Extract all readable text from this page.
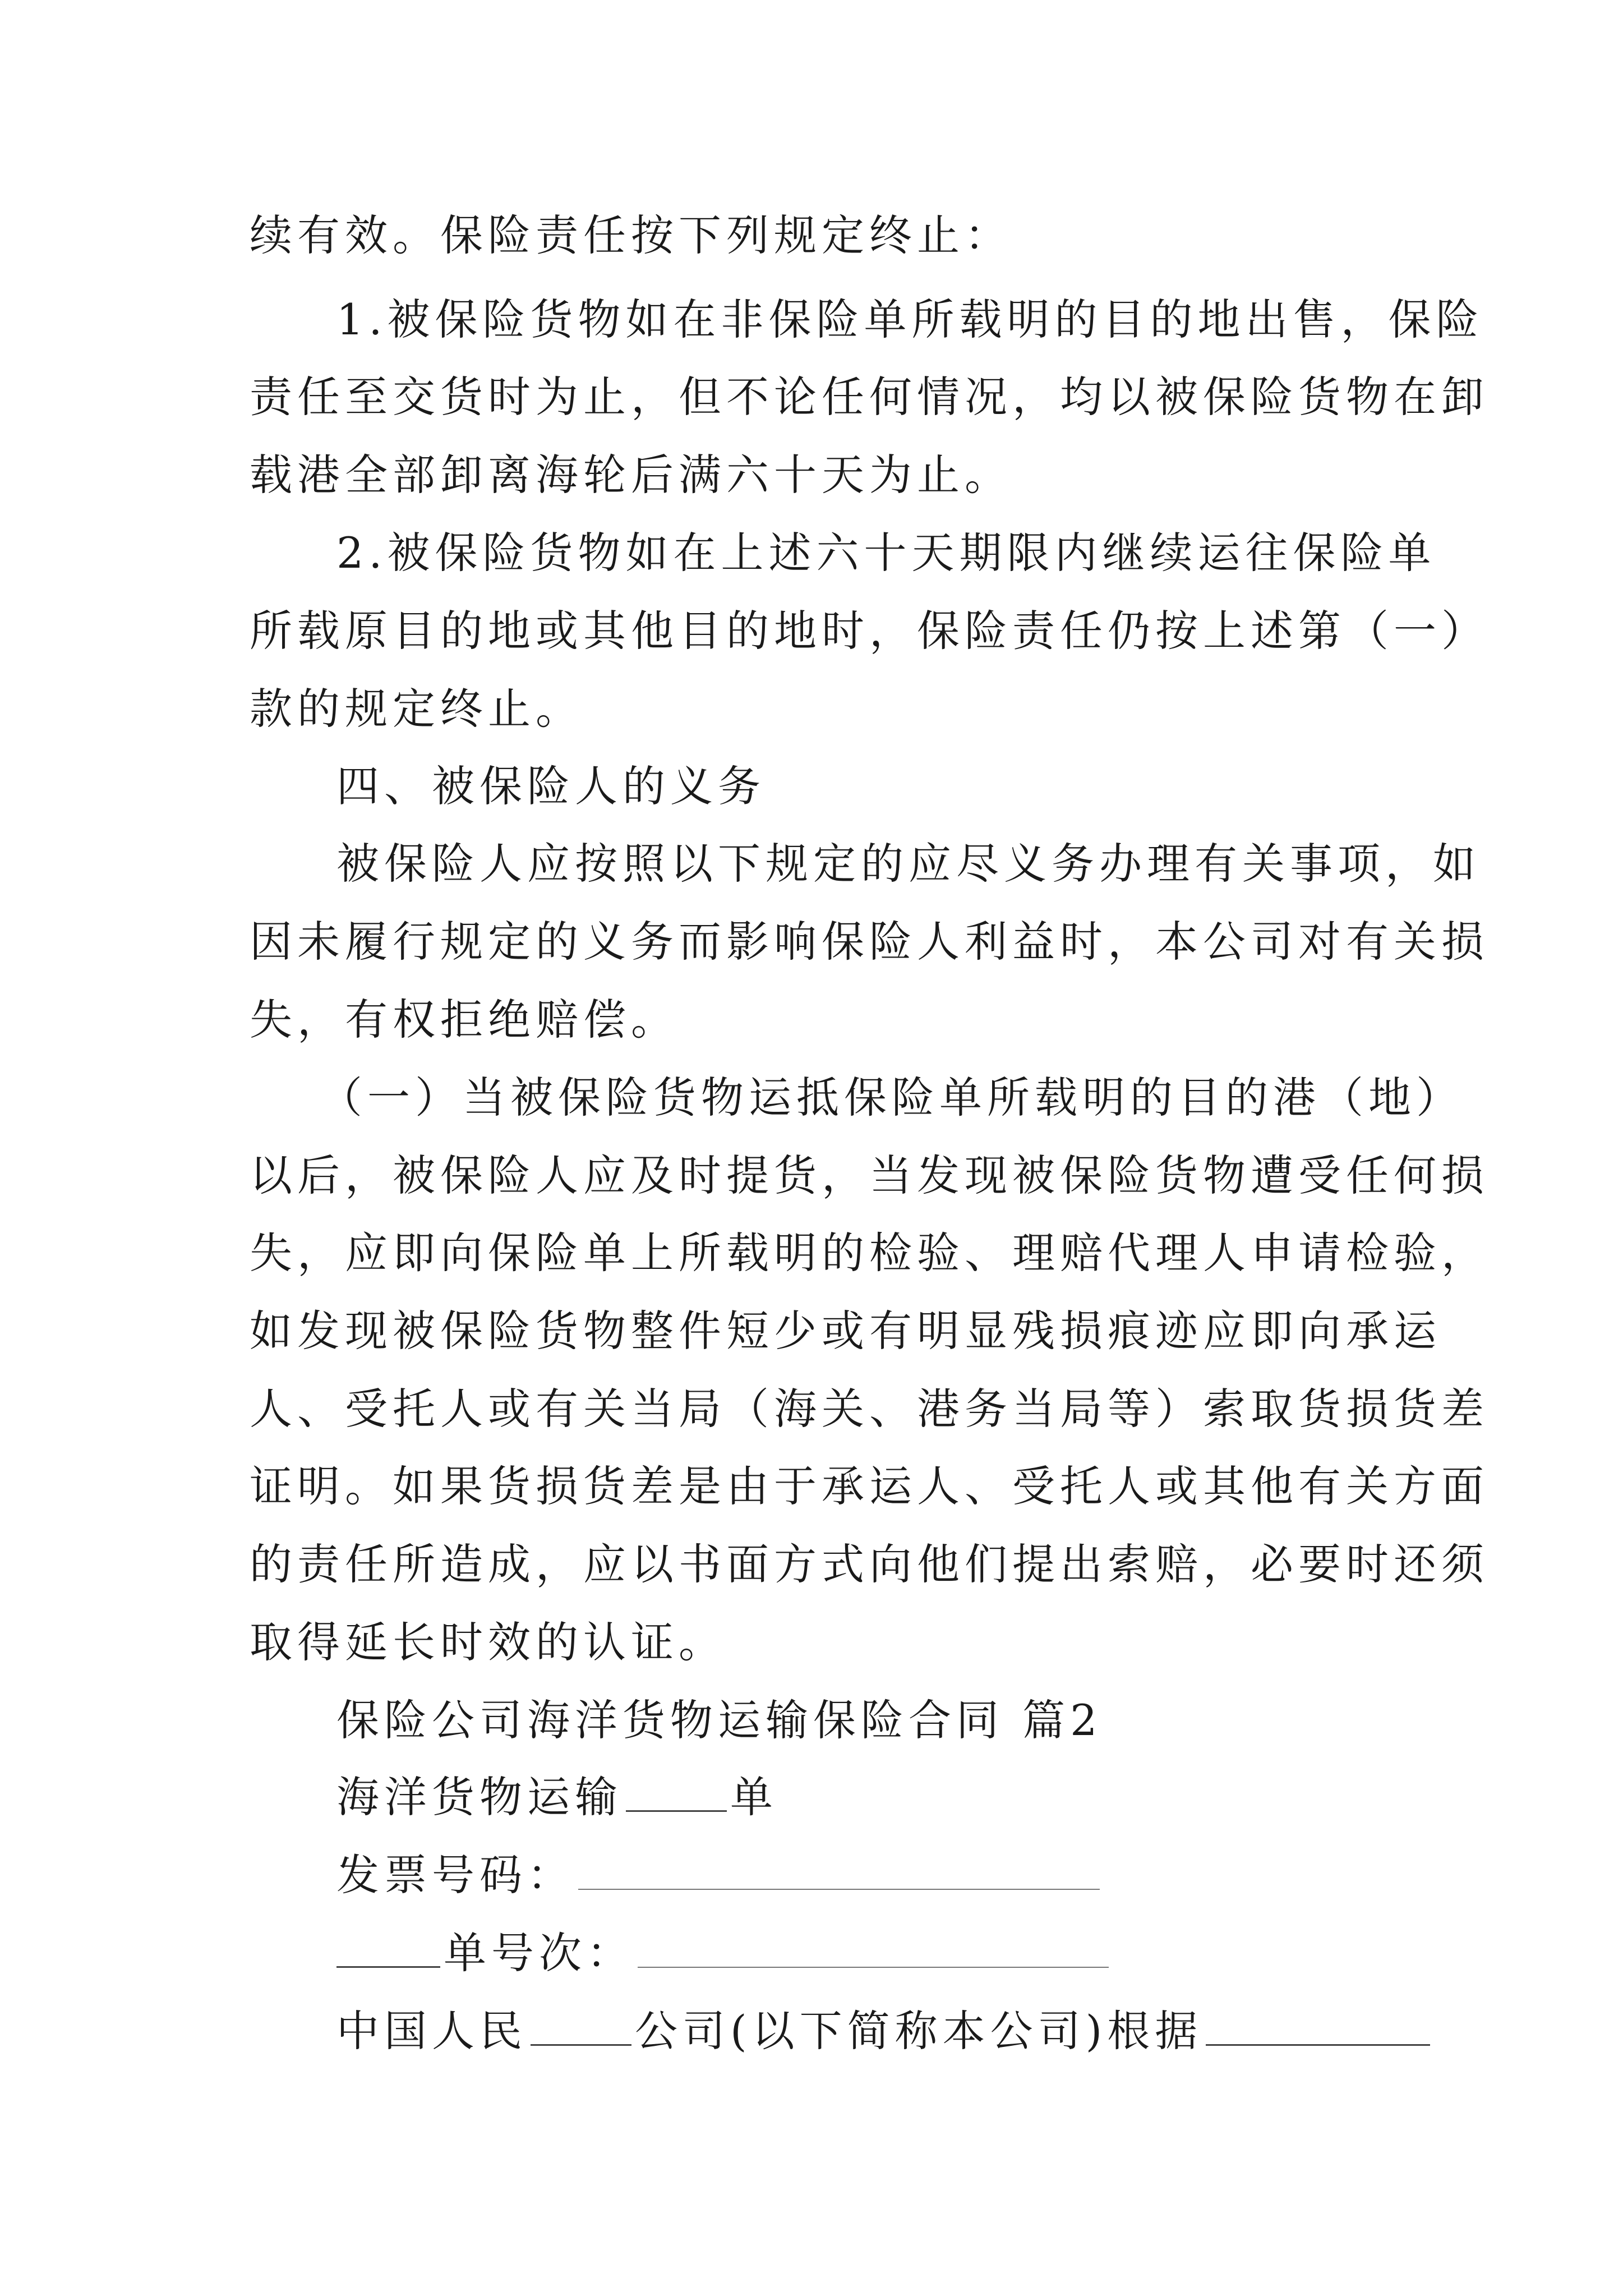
续有效。保险责任按下列规定终止：
1.被保险货物如在非保险单所载明的目的地出售，保险
责任至交货时为止，但不论任何情况，均以被保险货物在卸
载港全部卸离海轮后满六十天为止。
2.被保险货物如在上述六十天期限内继续运往保险单
所载原目的地或其他目的地时，保险责任仍按上述第（一）
款的规定终止。
四、被保险人的义务
被保险人应按照以下规定的应尽义务办理有关事项，如
因未履行规定的义务而影响保险人利益时，本公司对有关损
失，有权拒绝赔偿。
（一）当被保险货物运抵保险单所载明的目的港（地）
以后，被保险人应及时提货，当发现被保险货物遭受任何损
失，应即向保险单上所载明的检验、理赔代理人申请检验，
如发现被保险货物整件短少或有明显残损痕迹应即向承运
人、受托人或有关当局（海关、港务当局等）索取货损货差
证明。如果货损货差是由于承运人、受托人或其他有关方面
的责任所造成，应以书面方式向他们提出索赔，必要时还须
取得延长时效的认证。
保险公司海洋货物运输保险合同 篇2
海洋货物运输	单
发票号码：
单号次：
中国人民	公司(以下简称本公司)根据
